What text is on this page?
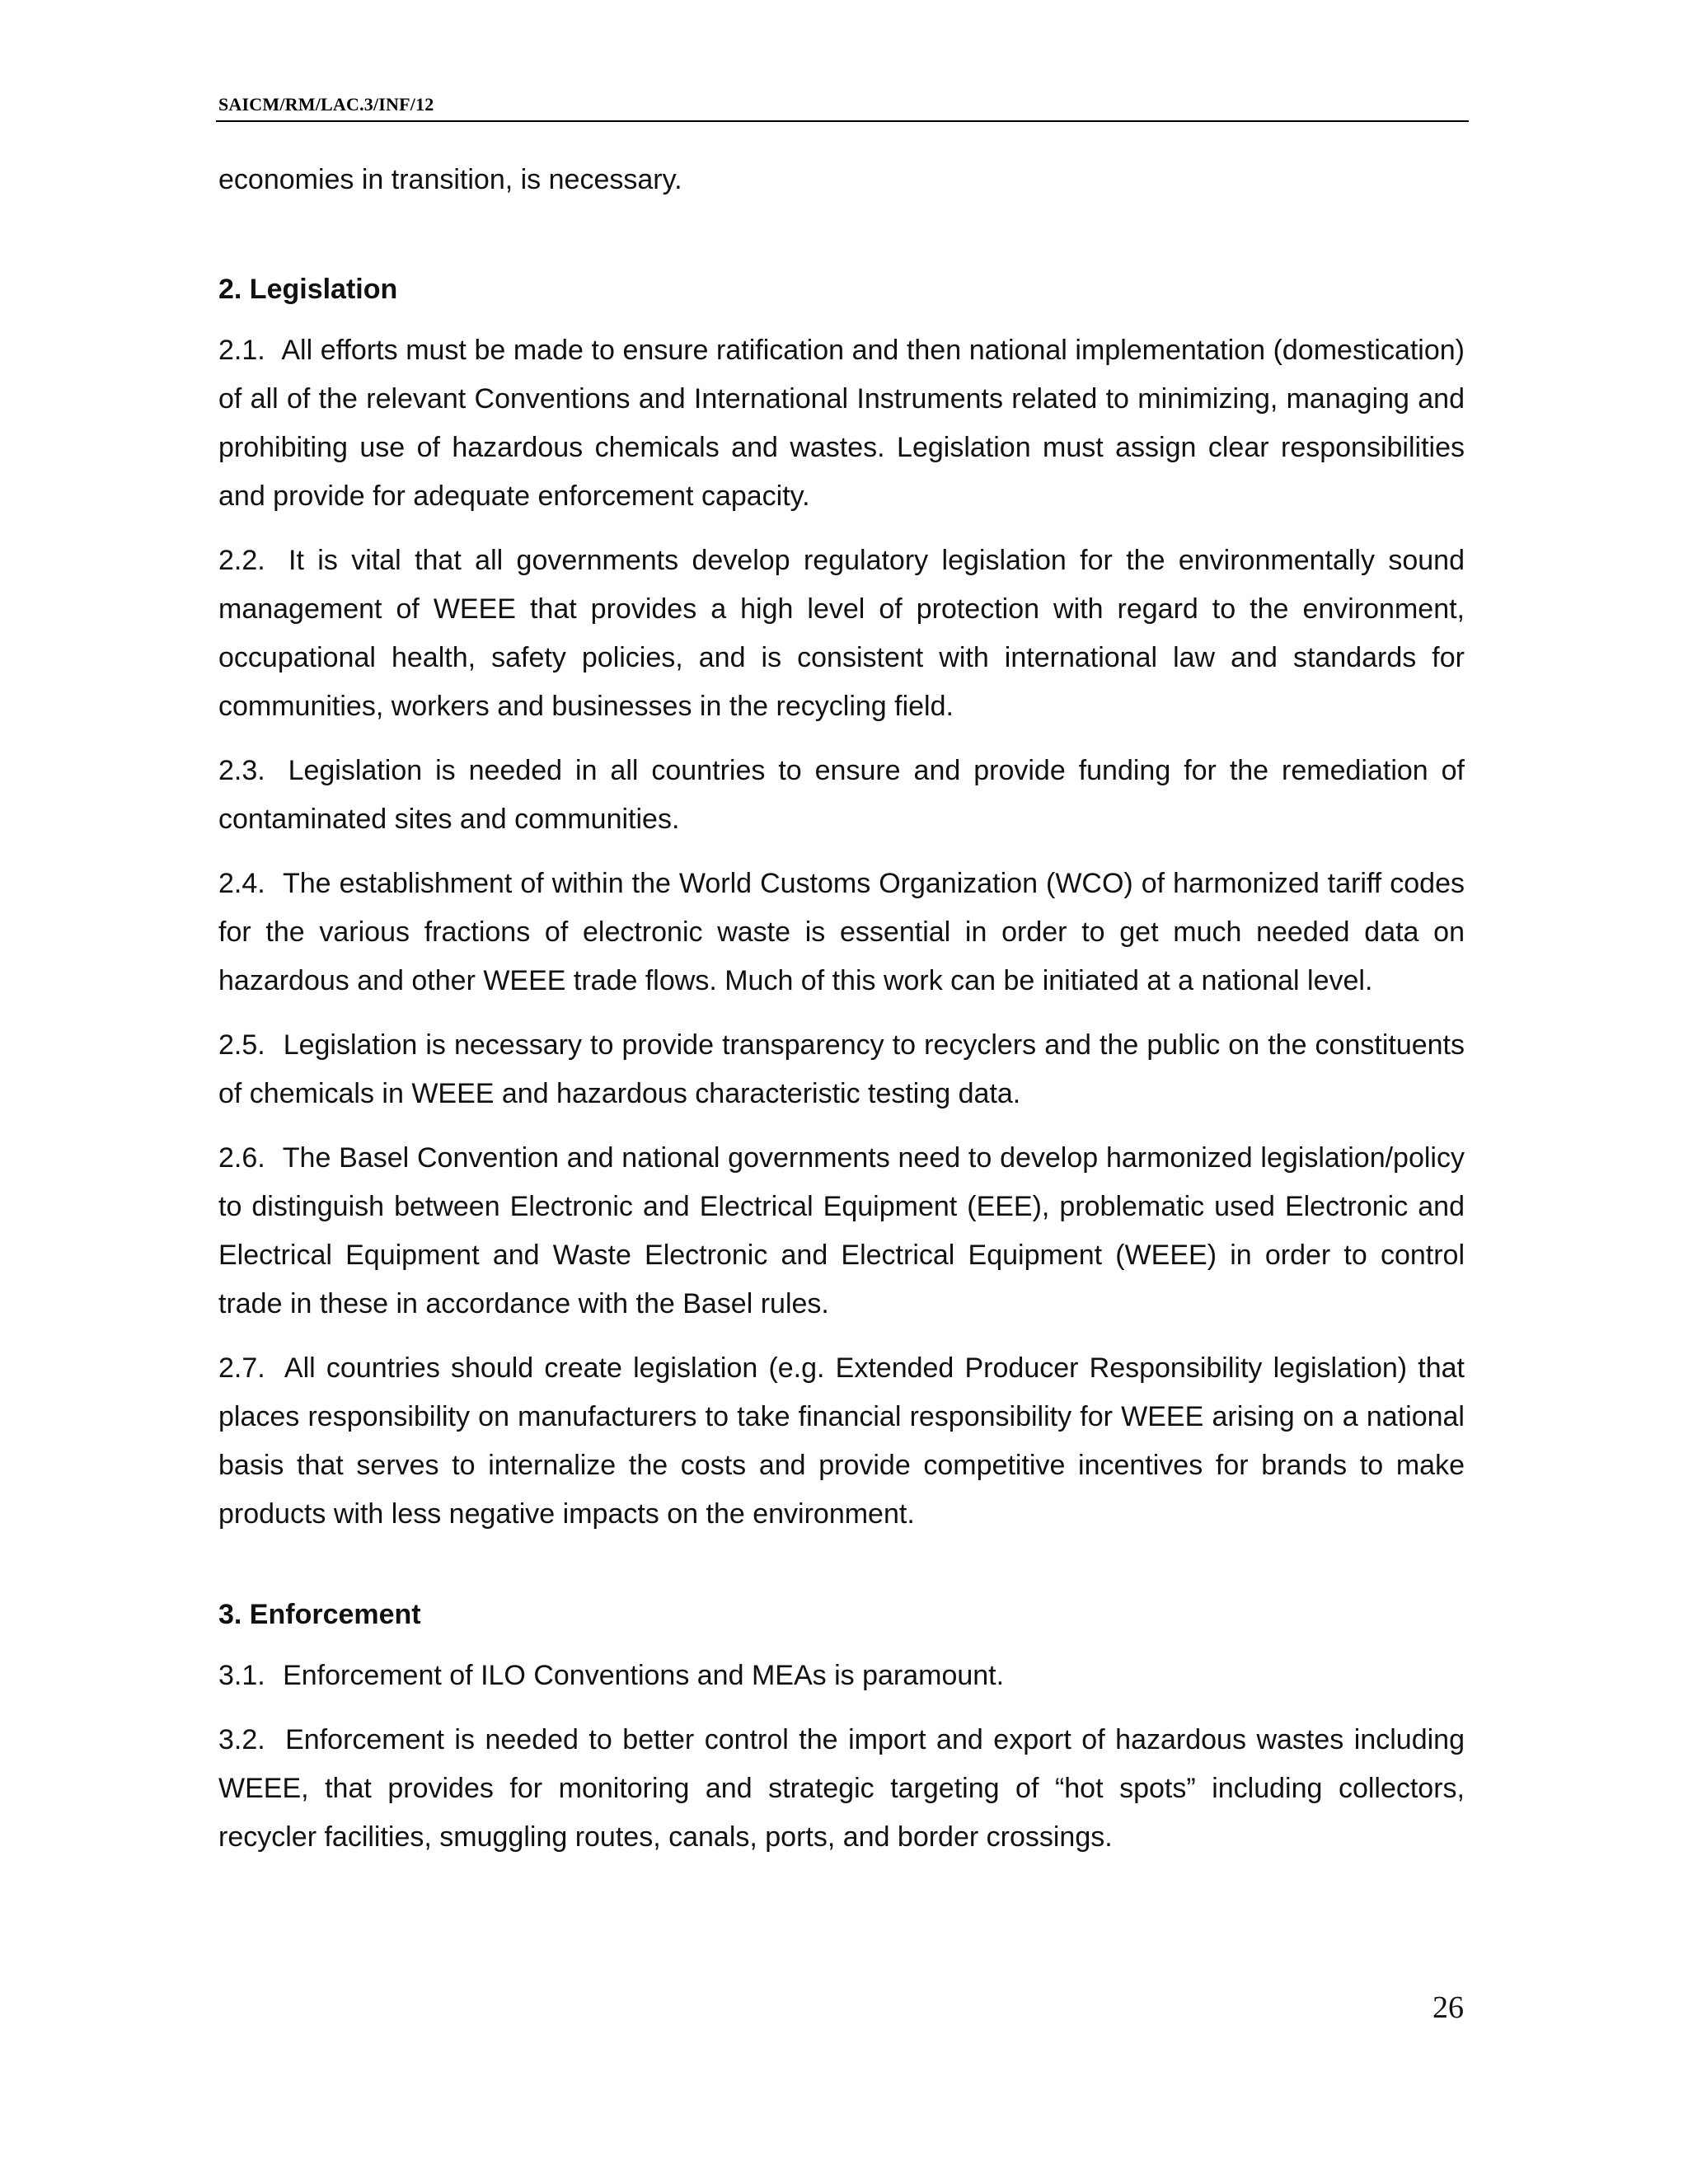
SAICM/RM/LAC.3/INF/12

economies in transition, is necessary.

2. Legislation

2.1. All efforts must be made to ensure ratification and then national implementation (domestication) of all of the relevant Conventions and International Instruments related to minimizing, managing and prohibiting use of hazardous chemicals and wastes. Legislation must assign clear responsibilities and provide for adequate enforcement capacity.

2.2. It is vital that all governments develop regulatory legislation for the environmentally sound management of WEEE that provides a high level of protection with regard to the environment, occupational health, safety policies, and is consistent with international law and standards for communities, workers and businesses in the recycling field.

2.3. Legislation is needed in all countries to ensure and provide funding for the remediation of contaminated sites and communities.

2.4. The establishment of within the World Customs Organization (WCO) of harmonized tariff codes for the various fractions of electronic waste is essential in order to get much needed data on hazardous and other WEEE trade flows. Much of this work can be initiated at a national level.

2.5. Legislation is necessary to provide transparency to recyclers and the public on the constituents of chemicals in WEEE and hazardous characteristic testing data.

2.6. The Basel Convention and national governments need to develop harmonized legislation/policy to distinguish between Electronic and Electrical Equipment (EEE), problematic used Electronic and Electrical Equipment and Waste Electronic and Electrical Equipment (WEEE) in order to control trade in these in accordance with the Basel rules.

2.7. All countries should create legislation (e.g. Extended Producer Responsibility legislation) that places responsibility on manufacturers to take financial responsibility for WEEE arising on a national basis that serves to internalize the costs and provide competitive incentives for brands to make products with less negative impacts on the environment.

3. Enforcement

3.1. Enforcement of ILO Conventions and MEAs is paramount.

3.2. Enforcement is needed to better control the import and export of hazardous wastes including WEEE, that provides for monitoring and strategic targeting of “hot spots” including collectors, recycler facilities, smuggling routes, canals, ports, and border crossings.

26
